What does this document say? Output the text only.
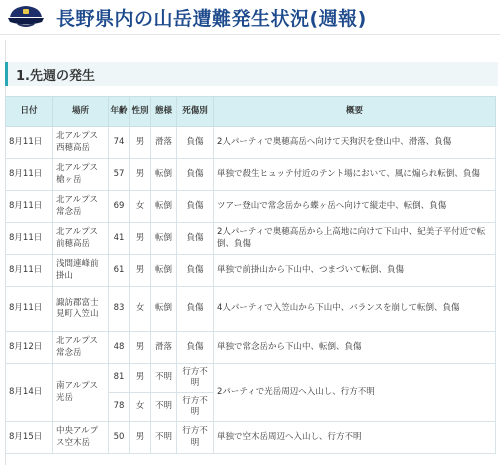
長野県内の山岳遭難発生状況(週報)
1.先週の発生
日付	場所	年齢	性別	態様	死傷別	概要
8月11日	北アルプス西穂高岳	74	男	滑落	負傷	2人パーティで奥穂高岳へ向けて天狗沢を登山中、滑落、負傷
8月11日	北アルプス槍ヶ岳	57	男	転倒	負傷	単独で殺生ヒュッテ付近のテント場において、風に煽られ転倒、負傷
8月11日	北アルプス常念岳	69	女	転倒	負傷	ツアー登山で常念岳から蝶ヶ岳へ向けて縦走中、転倒、負傷
8月11日	北アルプス前穂高岳	41	男	転倒	負傷	2人パーティで奥穂高岳から上高地に向けて下山中、紀美子平付近で転倒、負傷
8月11日	浅間連峰前掛山	61	男	転倒	負傷	単独で前掛山から下山中、つまづいて転倒、負傷
8月11日	諏訪郡富士見町入笠山	83	女	転倒	負傷	4人パーティで入笠山から下山中、バランスを崩して転倒、負傷
8月12日	北アルプス常念岳	48	男	滑落	負傷	単独で常念岳から下山中、転倒、負傷
8月14日	南アルプス光岳	81	男	不明	行方不明	2パーティで光岳周辺へ入山し、行方不明
		78	女	不明	行方不明	
8月15日	中央アルプス空木岳	50	男	不明	行方不明	単独で空木岳周辺へ入山し、行方不明
